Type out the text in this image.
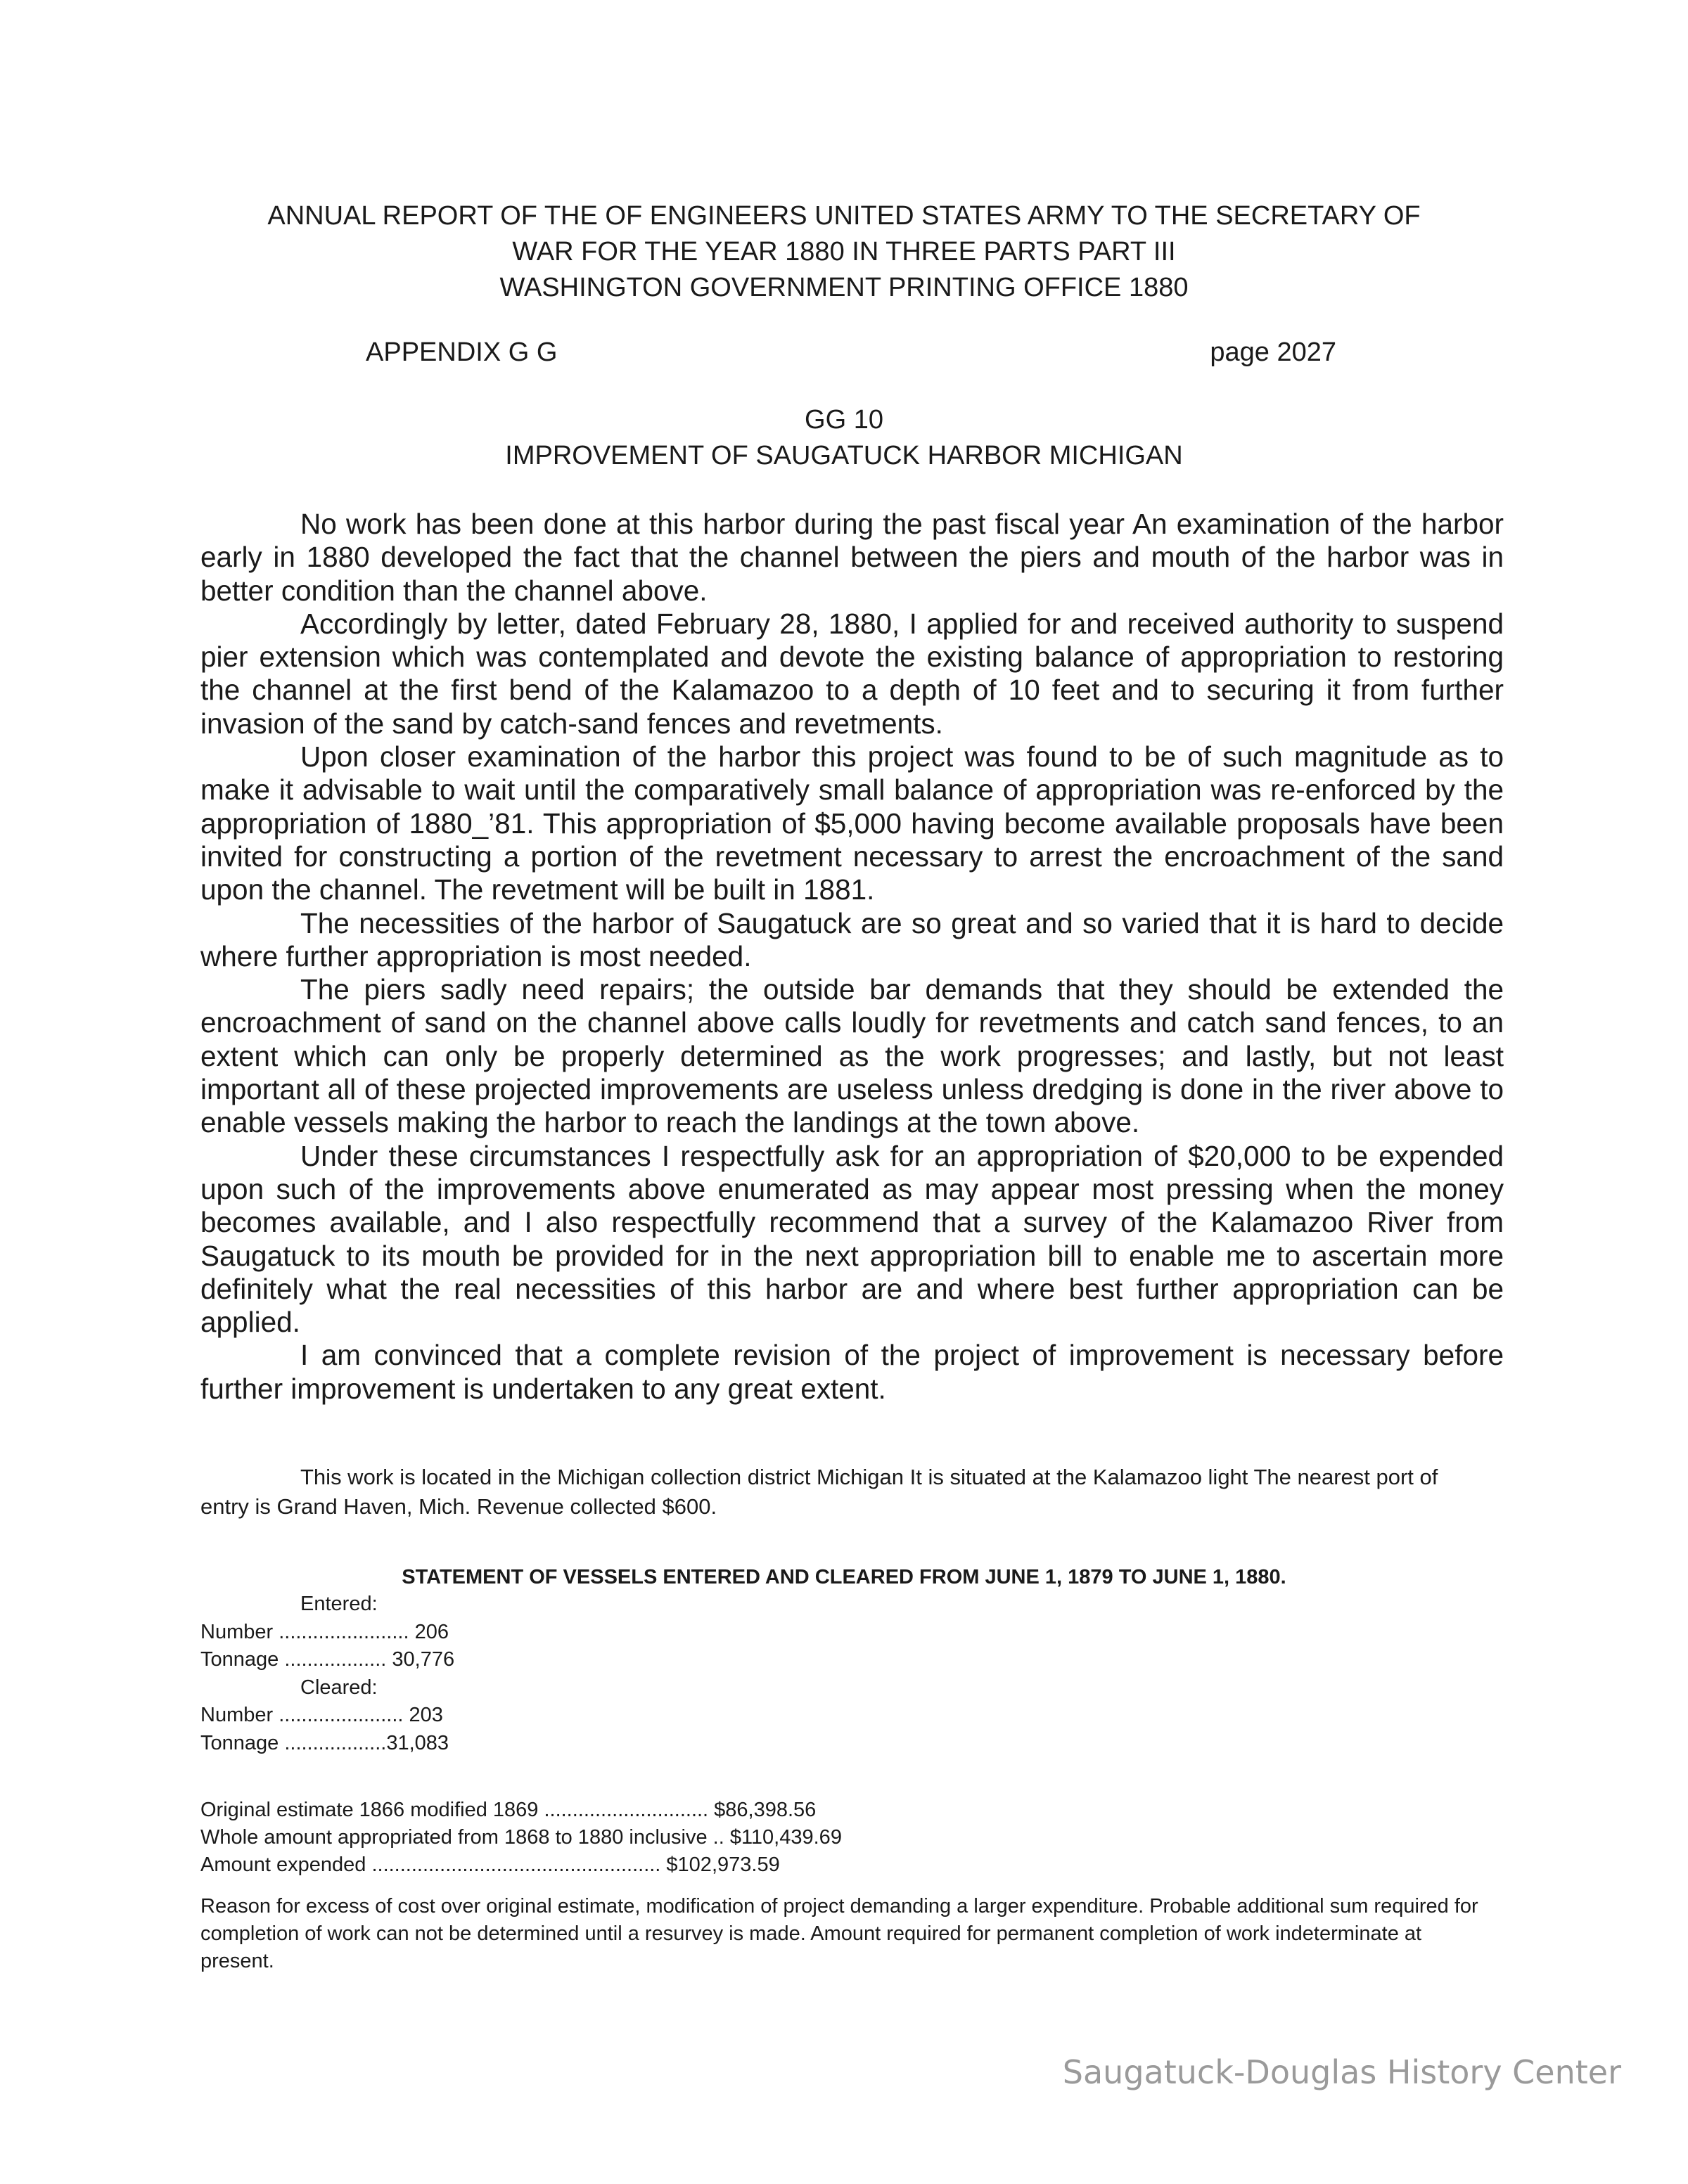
ANNUAL REPORT OF THE OF ENGINEERS UNITED STATES ARMY TO THE SECRETARY OF
WAR FOR THE YEAR 1880 IN THREE PARTS PART III
WASHINGTON GOVERNMENT PRINTING OFFICE 1880
APPENDIX G G	page 2027
GG 10
IMPROVEMENT OF SAUGATUCK HARBOR MICHIGAN

No work has been done at this harbor during the past fiscal year An examination of the harbor early in 1880 developed the fact that the channel between the piers and mouth of the harbor was in better condition than the channel above.

Accordingly by letter, dated February 28, 1880, I applied for and received authority to suspend pier extension which was contemplated and devote the existing balance of appropriation to restoring the channel at the first bend of the Kalamazoo to a depth of 10 feet and to securing it from further invasion of the sand by catch-sand fences and revetments.

Upon closer examination of the harbor this project was found to be of such magnitude as to make it advisable to wait until the comparatively small balance of appropriation was re-enforced by the appropriation of 1880_’81. This appropriation of $5,000 having become available proposals have been invited for constructing a portion of the revetment necessary to arrest the encroachment of the sand upon the channel. The revetment will be built in 1881.

The necessities of the harbor of Saugatuck are so great and so varied that it is hard to decide where further appropriation is most needed.

The piers sadly need repairs; the outside bar demands that they should be extended the encroachment of sand on the channel above calls loudly for revetments and catch sand fences, to an extent which can only be properly determined as the work progresses; and lastly, but not least important all of these projected improvements are useless unless dredging is done in the river above to enable vessels making the harbor to reach the landings at the town above.

Under these circumstances I respectfully ask for an appropriation of $20,000 to be expended upon such of the improvements above enumerated as may appear most pressing when the money becomes available, and I also respectfully recommend that a survey of the Kalamazoo River from Saugatuck to its mouth be provided for in the next appropriation bill to enable me to ascertain more definitely what the real necessities of this harbor are and where best further appropriation can be applied.

I am convinced that a complete revision of the project of improvement is necessary before further improvement is undertaken to any great extent.

This work is located in the Michigan collection district Michigan It is situated at the Kalamazoo light The nearest port of entry is Grand Haven, Mich. Revenue collected $600.

STATEMENT OF VESSELS ENTERED AND CLEARED FROM JUNE 1, 1879 TO JUNE 1, 1880.
Entered:
Number ....................... 206
Tonnage .................. 30,776
Cleared:
Number ...................... 203
Tonnage ..................31,083
Original estimate 1866 modified 1869 ............................. $86,398.56
Whole amount appropriated from 1868 to 1880 inclusive .. $110,439.69
Amount expended ................................................... $102,973.59
Reason for excess of cost over original estimate, modification of project demanding a larger expenditure. Probable additional sum required for completion of work can not be determined until a resurvey is made. Amount required for permanent completion of work indeterminate at present.
Saugatuck-Douglas History Center
